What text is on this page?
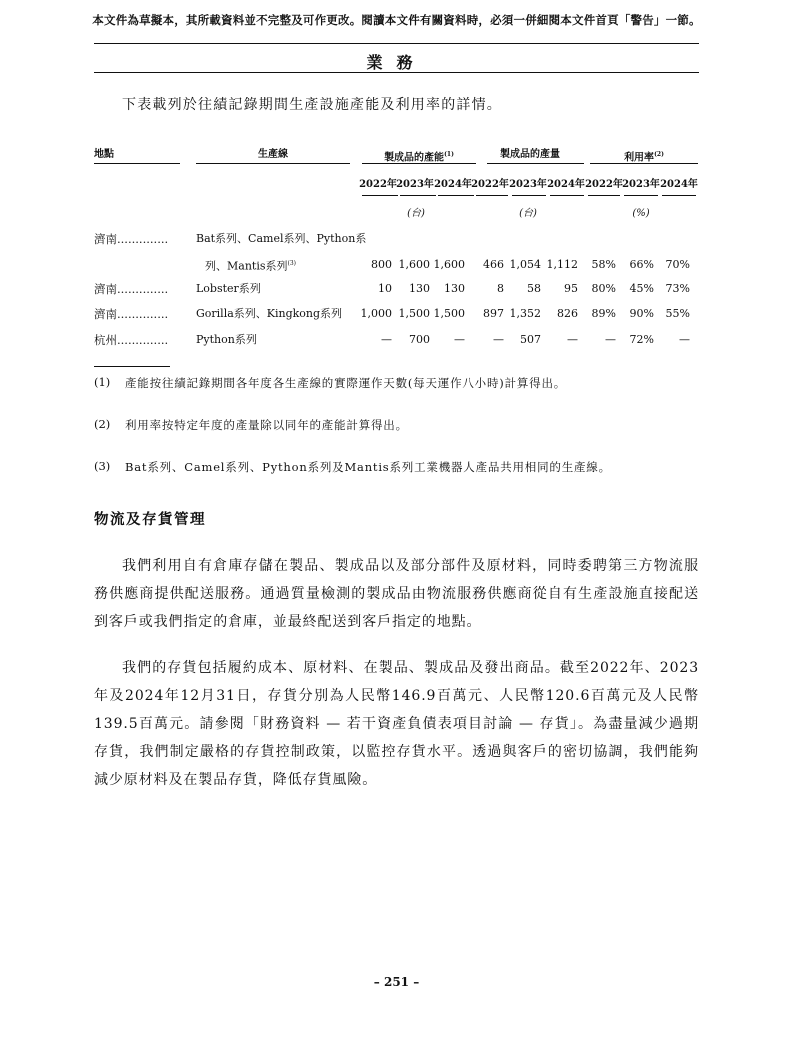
本文件為草擬本，其所載資料並不完整及可作更改。閱讀本文件有關資料時，必須一併細閱本文件首頁「警告」一節。
業務
下表載列於往績記錄期間生產設施產能及利用率的詳情。
地點	生產線	製成品的產能$^{(1)}$	製成品的產量	利用率$^{(2)}$
2022年 2023年 2024年 2022年 2023年 2024年 2022年 2023年 2024年
(台)	(台)	(%)
濟南..............	Bat系列、Camel系列、Python系
列、Mantis系列$^{(3)}$	800 1,600 1,600	466 1,054 1,112	58%	66%	70%
濟南..............	Lobster系列	10	130	130	8	58	95	80%	45%	73%
濟南..............	Gorilla系列、Kingkong系列	1,000 1,500 1,500	897 1,352	826	89%	90%	55%
杭州..............	Python系列	—	700	—	—	507	—	—	72%	—
(1) 產能按往績記錄期間各年度各生產線的實際運作天數(每天運作八小時)計算得出。
(2) 利用率按特定年度的產量除以同年的產能計算得出。
(3) Bat系列、Camel系列、Python系列及Mantis系列工業機器人產品共用相同的生產線。
物流及存貨管理
我們利用自有倉庫存儲在製品、製成品以及部分部件及原材料，同時委聘第三方物流服務供應商提供配送服務。通過質量檢測的製成品由物流服務供應商從自有生產設施直接配送到客戶或我們指定的倉庫，並最終配送到客戶指定的地點。
我們的存貨包括履約成本、原材料、在製品、製成品及發出商品。截至2022年、2023年及2024年12月31日，存貨分別為人民幣146.9百萬元、人民幣120.6百萬元及人民幣139.5百萬元。請參閱「財務資料 — 若干資產負債表項目討論 — 存貨」。為盡量減少過期存貨，我們制定嚴格的存貨控制政策，以監控存貨水平。透過與客戶的密切協調，我們能夠減少原材料及在製品存貨，降低存貨風險。
– 251 –
